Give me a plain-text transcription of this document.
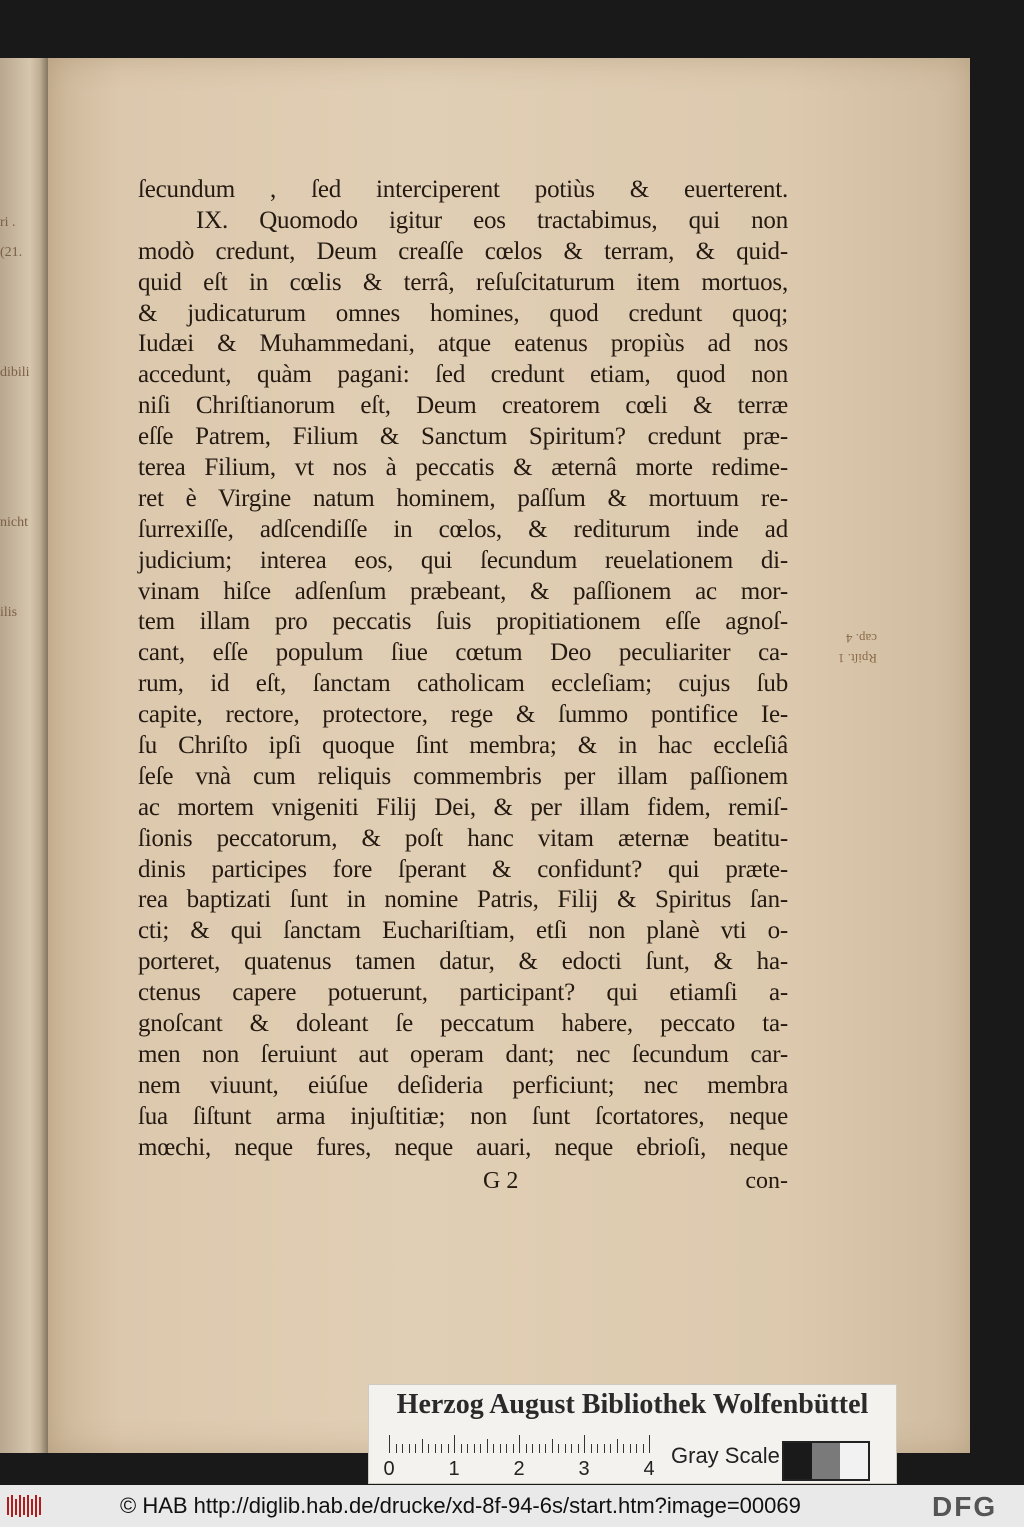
ri .
(21.
dibili
nicht
ilis
ſecundum , ſed interciperent potiùs & euerterent.
IX. Quomodo igitur eos tractabimus, qui non
modò credunt, Deum creaſſe cœlos & terram, & quid-
quid eſt in cœlis & terrâ, reſuſcitaturum item mortuos,
& judicaturum omnes homines, quod credunt quoq;
Iudæi & Muhammedani, atque eatenus propiùs ad nos
accedunt, quàm pagani: ſed credunt etiam, quod non
niſi Chriſtianorum eſt, Deum creatorem cœli & terræ
eſſe Patrem, Filium & Sanctum Spiritum? credunt præ-
terea Filium, vt nos à peccatis & æternâ morte redime-
ret è Virgine natum hominem, paſſum & mortuum re-
ſurrexiſſe, adſcendiſſe in cœlos, & rediturum inde ad
judicium; interea eos, qui ſecundum reuelationem di-
vinam hiſce adſenſum præbeant, & paſſionem ac mor-
tem illam pro peccatis ſuis propitiationem eſſe agnoſ-
cant, eſſe populum ſiue cœtum Deo peculiariter ca-
rum, id eſt, ſanctam catholicam eccleſiam; cujus ſub
capite, rectore, protectore, rege & ſummo pontifice Ie-
ſu Chriſto ipſi quoque ſint membra; & in hac eccleſiâ
ſeſe vnà cum reliquis commembris per illam paſſionem
ac mortem vnigeniti Filij Dei, & per illam fidem, remiſ-
ſionis peccatorum, & poſt hanc vitam æternæ beatitu-
dinis participes fore ſperant & confidunt? qui præte-
rea baptizati ſunt in nomine Patris, Filij & Spiritus ſan-
cti; & qui ſanctam Euchariſtiam, etſi non planè vti o-
porteret, quatenus tamen datur, & edocti ſunt, & ha-
ctenus capere potuerunt, participant? qui etiamſi a-
gnoſcant & doleant ſe peccatum habere, peccato ta-
men non ſeruiunt aut operam dant; nec ſecundum car-
nem viuunt, eiúſue deſideria perficiunt; nec membra
ſua ſiſtunt arma injuſtitiæ; non ſunt ſcortatores, neque
mœchi, neque fures, neque auari, neque ebrioſi, neque
G 2	con-
Rpiſt. 1
cap. 4
Herzog August Bibliothek Wolfenbüttel
0	1	2	3	4
Gray Scale
© HAB http://diglib.hab.de/drucke/xd-8f-94-6s/start.htm?image=00069	DFG
